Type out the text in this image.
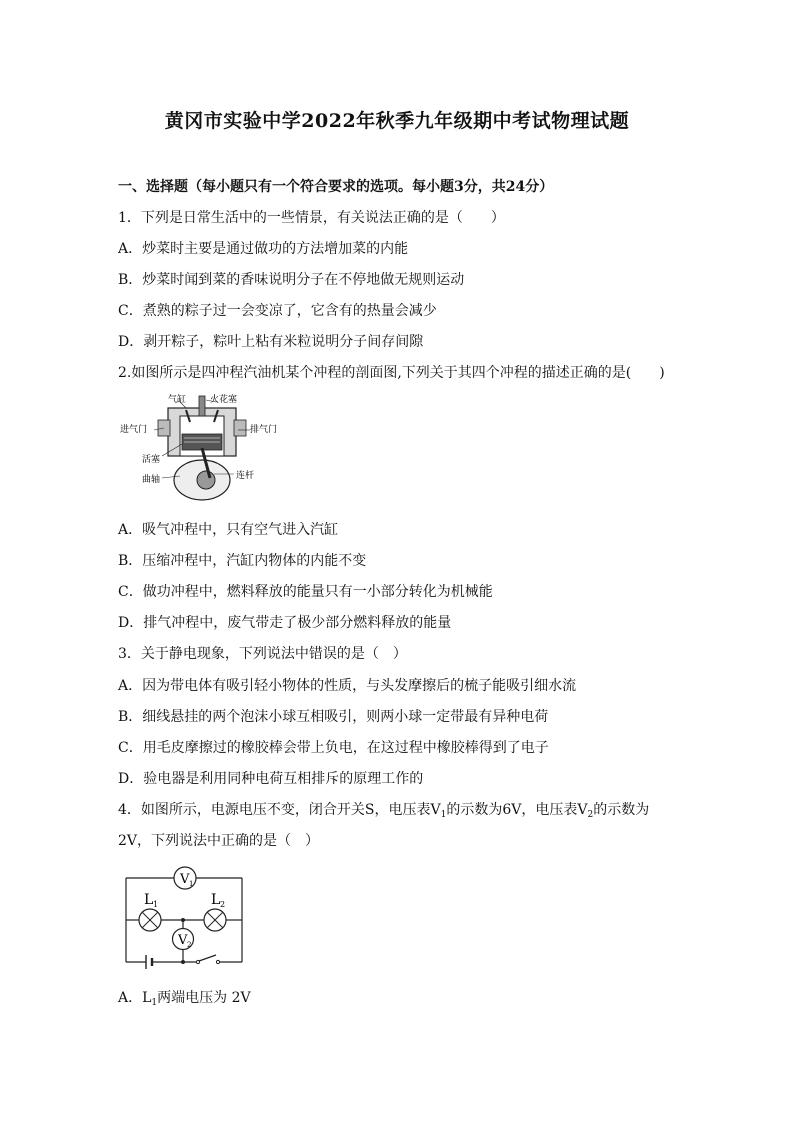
黄冈市实验中学2022年秋季九年级期中考试物理试题
一、选择题（每小题只有一个符合要求的选项。每小题3分，共24分）
1．下列是日常生活中的一些情景，有关说法正确的是（　　）
A．炒菜时主要是通过做功的方法增加菜的内能
B．炒菜时闻到菜的香味说明分子在不停地做无规则运动
C．煮熟的粽子过一会变凉了，它含有的热量会减少
D．剥开粽子，粽叶上粘有米粒说明分子间存间隙
2.如图所示是四冲程汽油机某个冲程的剖面图,下列关于其四个冲程的描述正确的是(　　)
气缸	火花塞
进气门	排气门
活塞
曲轴	连杆
A．吸气冲程中，只有空气进入汽缸
B．压缩冲程中，汽缸内物体的内能不变
C．做功冲程中，燃料释放的能量只有一小部分转化为机械能
D．排气冲程中，废气带走了极少部分燃料释放的能量
3．关于静电现象，下列说法中错误的是（　）
A．因为带电体有吸引轻小物体的性质，与头发摩擦后的梳子能吸引细水流
B．细线悬挂的两个泡沫小球互相吸引，则两小球一定带最有异种电荷
C．用毛皮摩擦过的橡胶棒会带上负电，在这过程中橡胶棒得到了电子
D．验电器是利用同种电荷互相排斥的原理工作的
4．如图所示，电源电压不变，闭合开关S，电压表$V_1$的示数为6V，电压表$V_2$的示数为
2V，下列说法中正确的是（　）
V 1
V 2
L 1	L 2
A．$L_1$两端电压为 2V
